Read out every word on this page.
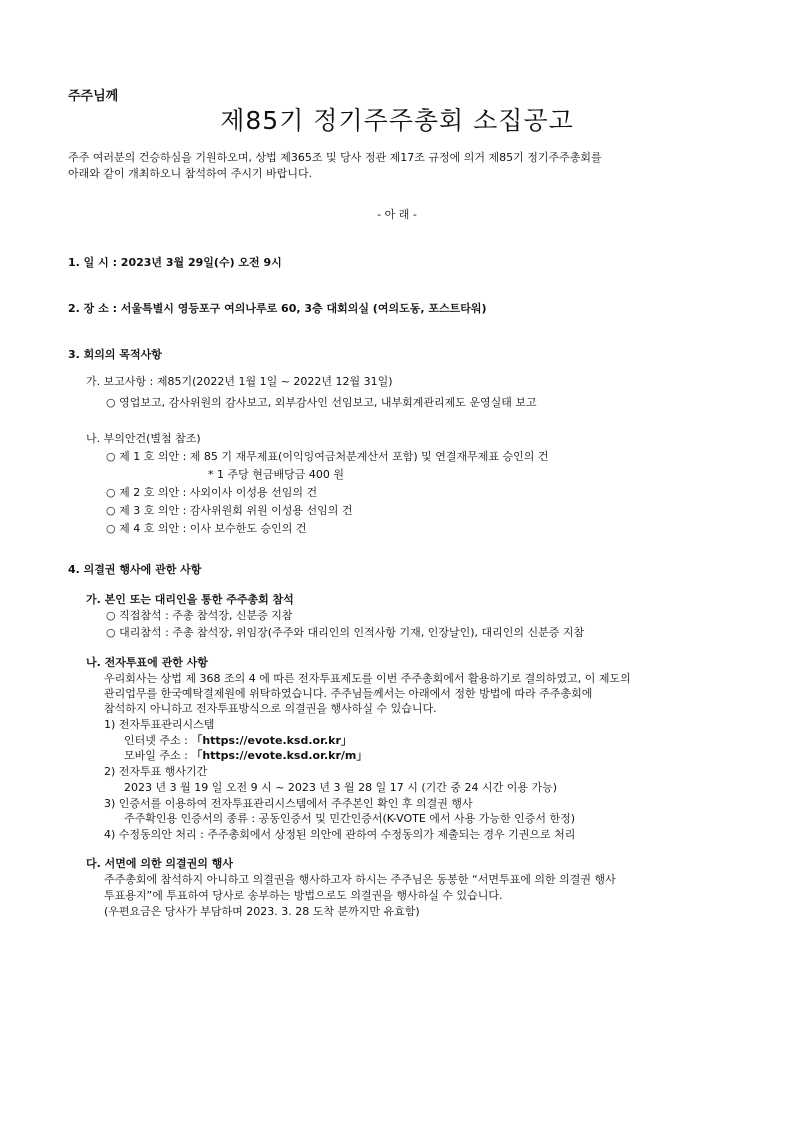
주주님께
제85기 정기주주총회 소집공고
주주 여러분의 건승하심을 기원하오며, 상법 제365조 및 당사 정관 제17조 규정에 의거 제85기 정기주주총회를
아래와 같이 개최하오니 참석하여 주시기 바랍니다.
- 아 래 -
1. 일 시 : 2023년 3월 29일(수) 오전 9시
2. 장 소 : 서울특별시 영등포구 여의나루로 60, 3층 대회의실 (여의도동, 포스트타워)
3. 회의의 목적사항
가. 보고사항 : 제85기(2022년 1월 1일 ~ 2022년 12월 31일)
○ 영업보고, 감사위원의 감사보고, 외부감사인 선임보고, 내부회계관리제도 운영실태 보고
나. 부의안건(별첨 참조)
○ 제 1 호 의안 : 제 85 기 재무제표(이익잉여금처분계산서 포함) 및 연결재무제표 승인의 건
* 1 주당 현금배당금 400 원
○ 제 2 호 의안 : 사외이사 이성용 선임의 건
○ 제 3 호 의안 : 감사위원회 위원 이성용 선임의 건
○ 제 4 호 의안 : 이사 보수한도 승인의 건
4. 의결권 행사에 관한 사항
가. 본인 또는 대리인을 통한 주주총회 참석
○ 직접참석 : 주총 참석장, 신분증 지참
○ 대리참석 : 주총 참석장, 위임장(주주와 대리인의 인적사항 기재, 인장날인), 대리인의 신분증 지참
나. 전자투표에 관한 사항
우리회사는 상법 제 368 조의 4 에 따른 전자투표제도를 이번 주주총회에서 활용하기로 결의하였고, 이 제도의
관리업무를 한국예탁결제원에 위탁하였습니다. 주주님들께서는 아래에서 정한 방법에 따라 주주총회에
참석하지 아니하고 전자투표방식으로 의결권을 행사하실 수 있습니다.
1) 전자투표관리시스템
인터넷 주소 : 「https://evote.ksd.or.kr」
모바일 주소 : 「https://evote.ksd.or.kr/m」
2) 전자투표 행사기간
2023 년 3 월 19 일 오전 9 시 ~ 2023 년 3 월 28 일 17 시 (기간 중 24 시간 이용 가능)
3) 인증서를 이용하여 전자투표관리시스템에서 주주본인 확인 후 의결권 행사
주주확인용 인증서의 종류 : 공동인증서 및 민간인증서(K-VOTE 에서 사용 가능한 인증서 한정)
4) 수정동의안 처리 : 주주총회에서 상정된 의안에 관하여 수정동의가 제출되는 경우 기권으로 처리
다. 서면에 의한 의결권의 행사
주주총회에 참석하지 아니하고 의결권을 행사하고자 하시는 주주님은 동봉한 “서면투표에 의한 의결권 행사
투표용지”에 투표하여 당사로 송부하는 방법으로도 의결권을 행사하실 수 있습니다.
(우편요금은 당사가 부담하며 2023. 3. 28 도착 분까지만 유효함)
